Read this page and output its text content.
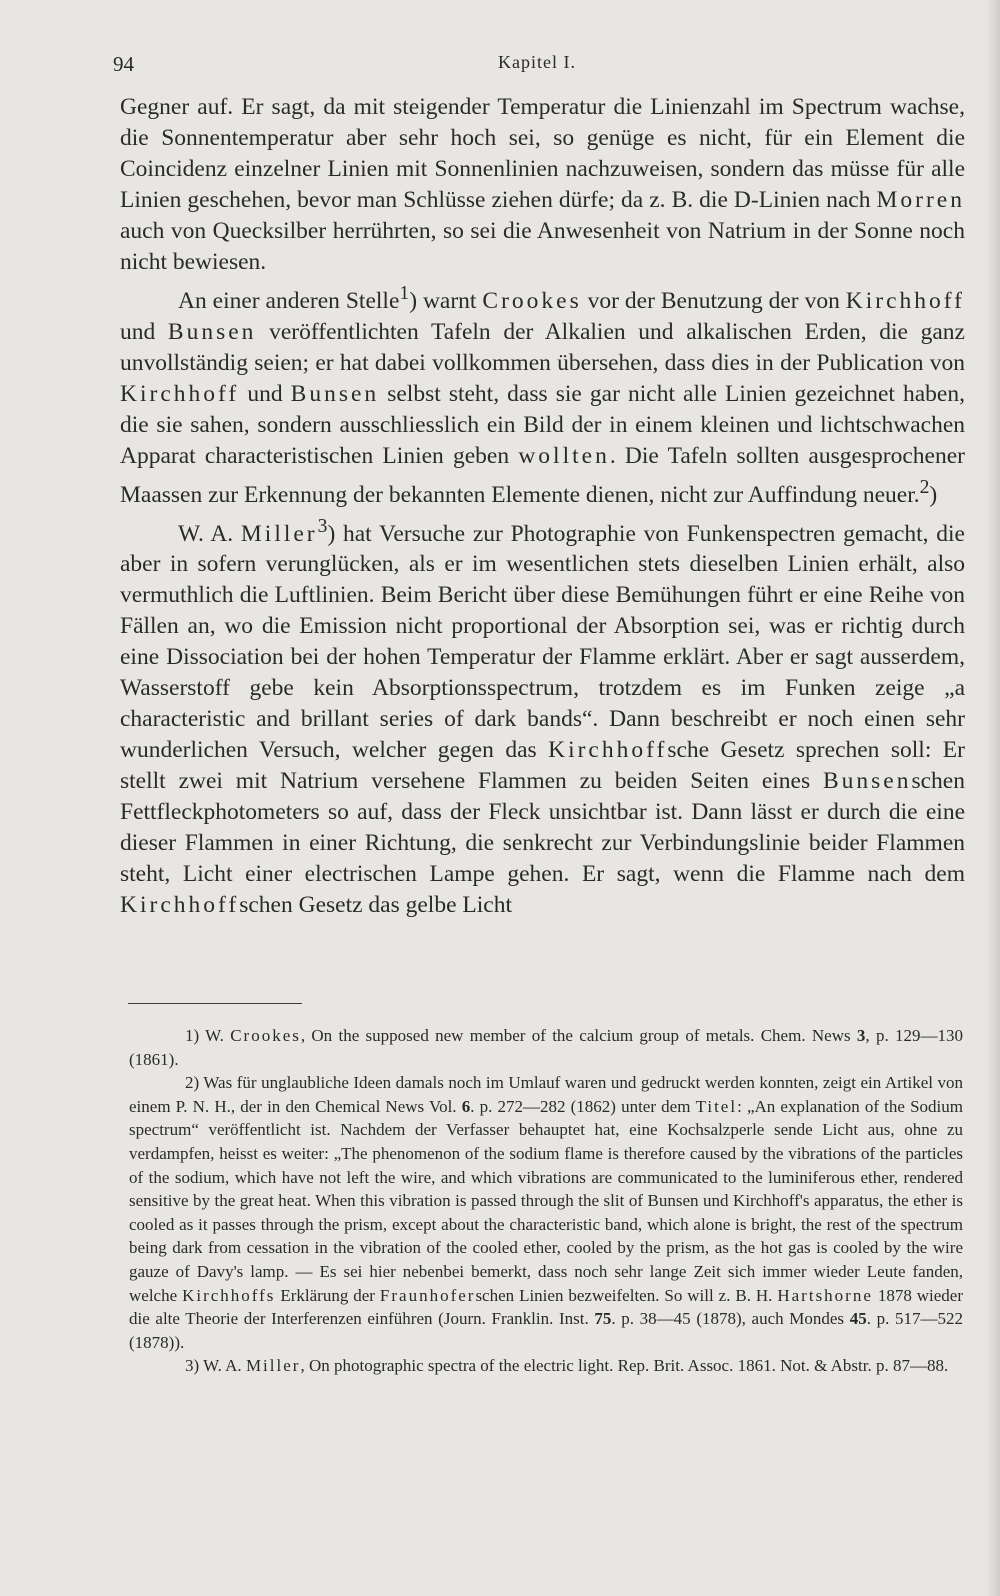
94	Kapitel I.

Gegner auf. Er sagt, da mit steigender Temperatur die Linienzahl im Spectrum wachse, die Sonnentemperatur aber sehr hoch sei, so genüge es nicht, für ein Element die Coincidenz einzelner Linien mit Sonnenlinien nachzuweisen, sondern das müsse für alle Linien geschehen, bevor man Schlüsse ziehen dürfe; da z. B. die D-Linien nach Morren auch von Quecksilber herrührten, so sei die Anwesenheit von Natrium in der Sonne noch nicht bewiesen.

An einer anderen Stelle$^1$) warnt Crookes vor der Benutzung der von Kirchhoff und Bunsen veröffentlichten Tafeln der Alkalien und alkalischen Erden, die ganz unvollständig seien; er hat dabei vollkommen übersehen, dass dies in der Publication von Kirchhoff und Bunsen selbst steht, dass sie gar nicht alle Linien gezeichnet haben, die sie sahen, sondern ausschliesslich ein Bild der in einem kleinen und lichtschwachen Apparat characteristischen Linien geben wollten. Die Tafeln sollten ausgesprochener Maassen zur Erkennung der bekannten Elemente dienen, nicht zur Auffindung neuer.$^2$)

W. A. Miller$^3$) hat Versuche zur Photographie von Funkenspectren gemacht, die aber in sofern verunglücken, als er im wesentlichen stets dieselben Linien erhält, also vermuthlich die Luftlinien. Beim Bericht über diese Bemühungen führt er eine Reihe von Fällen an, wo die Emission nicht proportional der Absorption sei, was er richtig durch eine Dissociation bei der hohen Temperatur der Flamme erklärt. Aber er sagt ausserdem, Wasserstoff gebe kein Absorptionsspectrum, trotzdem es im Funken zeige „a characteristic and brillant series of dark bands“. Dann beschreibt er noch einen sehr wunderlichen Versuch, welcher gegen das Kirchhoffsche Gesetz sprechen soll: Er stellt zwei mit Natrium versehene Flammen zu beiden Seiten eines Bunsenschen Fettfleckphotometers so auf, dass der Fleck unsichtbar ist. Dann lässt er durch die eine dieser Flammen in einer Richtung, die senkrecht zur Verbindungslinie beider Flammen steht, Licht einer electrischen Lampe gehen. Er sagt, wenn die Flamme nach dem Kirchhoffschen Gesetz das gelbe Licht

1) W. Crookes, On the supposed new member of the calcium group of metals. Chem. News 3, p. 129—130 (1861).

2) Was für unglaubliche Ideen damals noch im Umlauf waren und gedruckt werden konnten, zeigt ein Artikel von einem P. N. H., der in den Chemical News Vol. 6. p. 272—282 (1862) unter dem Titel: „An explanation of the Sodium spectrum“ veröffentlicht ist. Nachdem der Verfasser behauptet hat, eine Kochsalzperle sende Licht aus, ohne zu verdampfen, heisst es weiter: „The phenomenon of the sodium flame is therefore caused by the vibrations of the particles of the sodium, which have not left the wire, and which vibrations are communicated to the luminiferous ether, rendered sensitive by the great heat. When this vibration is passed through the slit of Bunsen und Kirchhoff's apparatus, the ether is cooled as it passes through the prism, except about the characteristic band, which alone is bright, the rest of the spectrum being dark from cessation in the vibration of the cooled ether, cooled by the prism, as the hot gas is cooled by the wire gauze of Davy's lamp. — Es sei hier nebenbei bemerkt, dass noch sehr lange Zeit sich immer wieder Leute fanden, welche Kirchhoffs Erklärung der Fraunhoferschen Linien bezweifelten. So will z. B. H. Hartshorne 1878 wieder die alte Theorie der Interferenzen einführen (Journ. Franklin. Inst. 75. p. 38—45 (1878), auch Mondes 45. p. 517—522 (1878)).

3) W. A. Miller, On photographic spectra of the electric light. Rep. Brit. Assoc. 1861. Not. & Abstr. p. 87—88.
